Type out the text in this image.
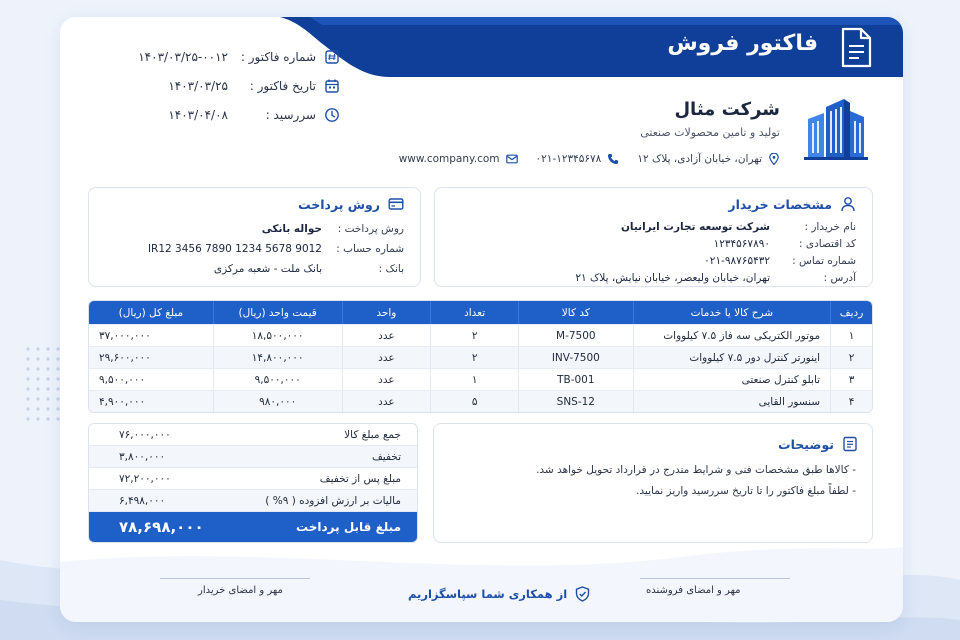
فاکتور فروش
شماره فاکتور :
۱۴۰۳/۰۳/۲۵-۰۰۱۲
تاریخ فاکتور :
۱۴۰۳/۰۳/۲۵
سررسید :
۱۴۰۳/۰۴/۰۸	شرکت مثال
تولید و تامین محصولات صنعتی
تهران، خیابان آزادی، پلاک ۱۲
۰۲۱-۱۲۳۴۵۶۷۸
www.company.com
مشخصات خریدار
نام خریدار :
شرکت توسعه تجارت ایرانیان
کد اقتصادی :
۱۲۳۴۵۶۷۸۹۰
شماره تماس :
۰۲۱-۹۸۷۶۵۴۳۲
آدرس :
تهران، خیابان ولیعصر، خیابان نیایش، پلاک ۲۱
روش پرداخت
روش پرداخت :
حواله بانکی
شماره حساب :
IR12 3456 7890 1234 5678 9012
بانک :
بانک ملت - شعبه مرکزی
ردیف	شرح کالا یا خدمات	کد کالا	تعداد	واحد	قیمت واحد (ریال)	مبلغ کل (ریال)
۱	موتور الکتریکی سه فاز ۷.۵ کیلووات	M-7500	۲	عدد	۱۸,۵۰۰,۰۰۰	۳۷,۰۰۰,۰۰۰
۲	اینورتر کنترل دور ۷.۵ کیلووات	INV-7500	۲	عدد	۱۴,۸۰۰,۰۰۰	۲۹,۶۰۰,۰۰۰
۳	تابلو کنترل صنعتی	TB-001	۱	عدد	۹,۵۰۰,۰۰۰	۹,۵۰۰,۰۰۰
۴	سنسور القایی	SNS-12	۵	عدد	۹۸۰,۰۰۰	۴,۹۰۰,۰۰۰
توضیحات
- کالاها طبق مشخصات فنی و شرایط مندرج در قرارداد تحویل خواهد شد.
- لطفاً مبلغ فاکتور را تا تاریخ سررسید واریز نمایید.
جمع مبلغ کالا
۷۶,۰۰۰,۰۰۰
تخفیف
۳,۸۰۰,۰۰۰
مبلغ پس از تخفیف
۷۲,۲۰۰,۰۰۰
مالیات بر ارزش افزوده ( ۹% )
۶,۴۹۸,۰۰۰
مبلغ قابل پرداخت
۷۸,۶۹۸,۰۰۰
مهر و امضای فروشنده
مهر و امضای خریدار	از همکاری شما سپاسگزاریم
